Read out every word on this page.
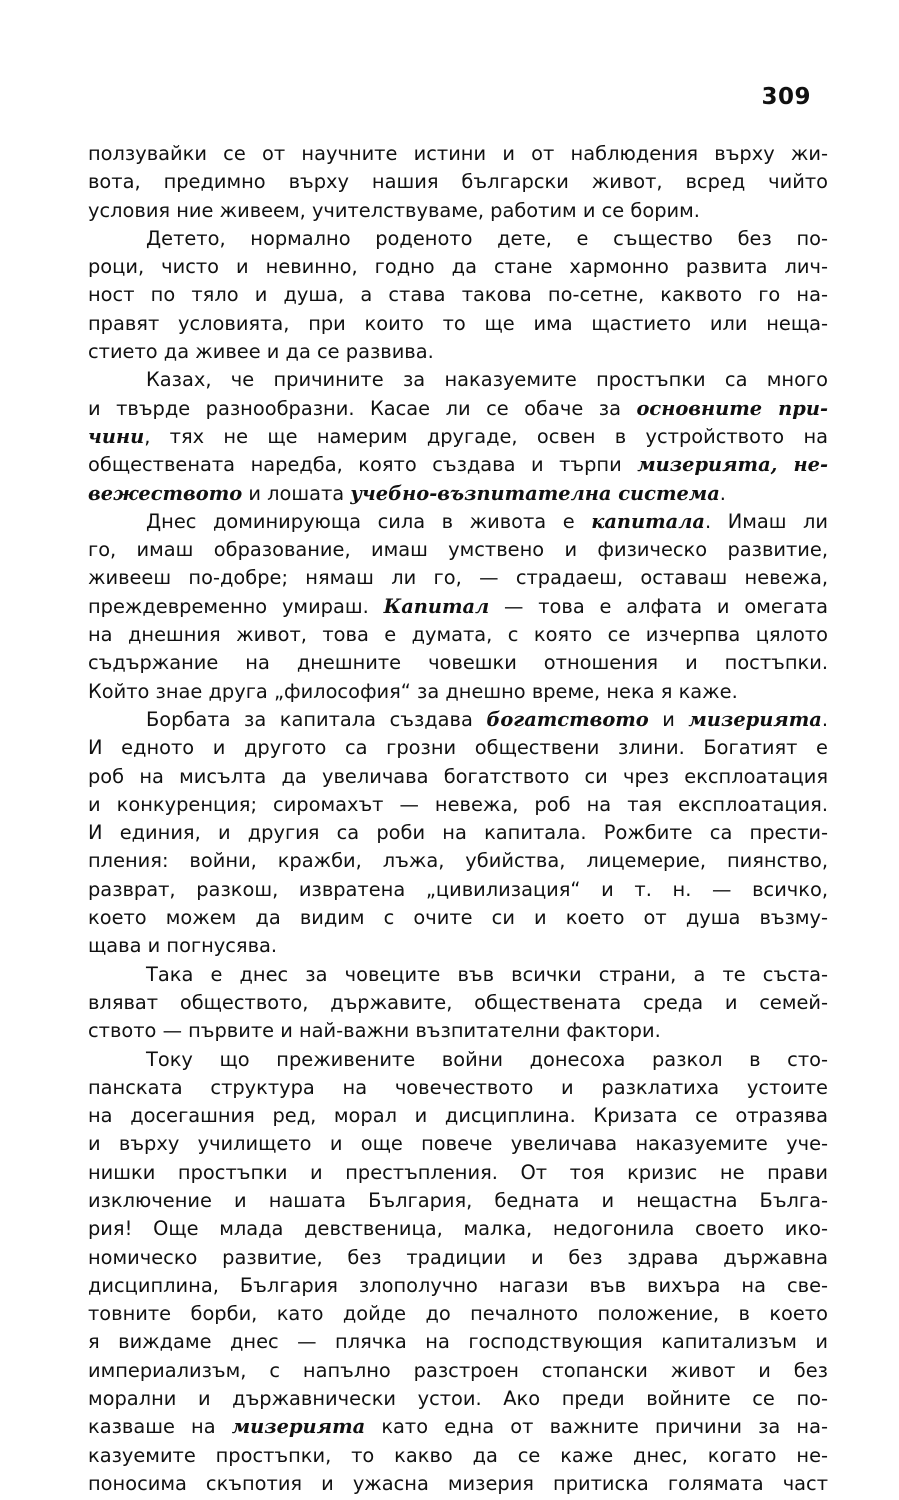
309
ползувайки се от научните истини и от наблюдения върху жи-
вота, предимно върху нашия български живот, всред чийто
условия ние живеем, учителствуваме, работим и се борим.
Детето, нормално роденото дете, е същество без по-
роци, чисто и невинно, годно да стане хармонно развита лич-
ност по тяло и душа, а става такова по-сетне, каквото го на-
правят условията, при които то ще има щастието или неща-
стието да живее и да се развива.
Казах, че причините за наказуемите простъпки са много
и твърде разнообразни. Касае ли се обаче за основните при-
чини, тях не ще намерим другаде, освен в устройството на
обществената наредба, която създава и търпи мизерията, не-
вежеството и лошата учебно-възпитателна система.
Днес доминирующа сила в живота е капитала. Имаш ли
го, имаш образование, имаш умствено и физическо развитие,
живееш по-добре; нямаш ли го, — страдаеш, оставаш невежа,
преждевременно умираш. Капитал — това е алфата и омегата
на днешния живот, това е думата, с която се изчерпва цялото
съдържание на днешните човешки отношения и постъпки.
Който знае друга „философия“ за днешно време, нека я каже.
Борбата за капитала създава богатството и мизерията.
И едното и другото са грозни обществени злини. Богатият е
роб на мисълта да увеличава богатството си чрез експлоатация
и конкуренция; сиромахът — невежа, роб на тая експлоатация.
И единия, и другия са роби на капитала. Рожбите са прести-
пления: войни, кражби, лъжа, убийства, лицемерие, пиянство,
разврат, разкош, извратена „цивилизация“ и т. н. — всичко,
което можем да видим с очите си и което от душа възму-
щава и погнусява.
Така е днес за човеците във всички страни, а те съста-
вляват обществото, държавите, обществената среда и семей-
ството — първите и най-важни възпитателни фактори.
Току що преживените войни донесоха разкол в сто-
панската структура на човечеството и разклатиха устоите
на досегашния ред, морал и дисциплина. Кризата се отразява
и върху училището и още повече увеличава наказуемите уче-
нишки простъпки и престъпления. От тоя кризис не прави
изключение и нашата България, бедната и нещастна Бълга-
рия! Още млада девственица, малка, недогонила своето ико-
номическо развитие, без традиции и без здрава държавна
дисциплина, България злополучно нагази във вихъра на све-
товните борби, като дойде до печалното положение, в което
я виждаме днес — плячка на господствующия капитализъм и
империализъм, с напълно разстроен стопански живот и без
морални и държавнически устои. Ако преди войните се по-
казваше на мизерията като една от важните причини за на-
казуемите простъпки, то какво да се каже днес, когато не-
поносима скъпотия и ужасна мизерия притиска голямата част
